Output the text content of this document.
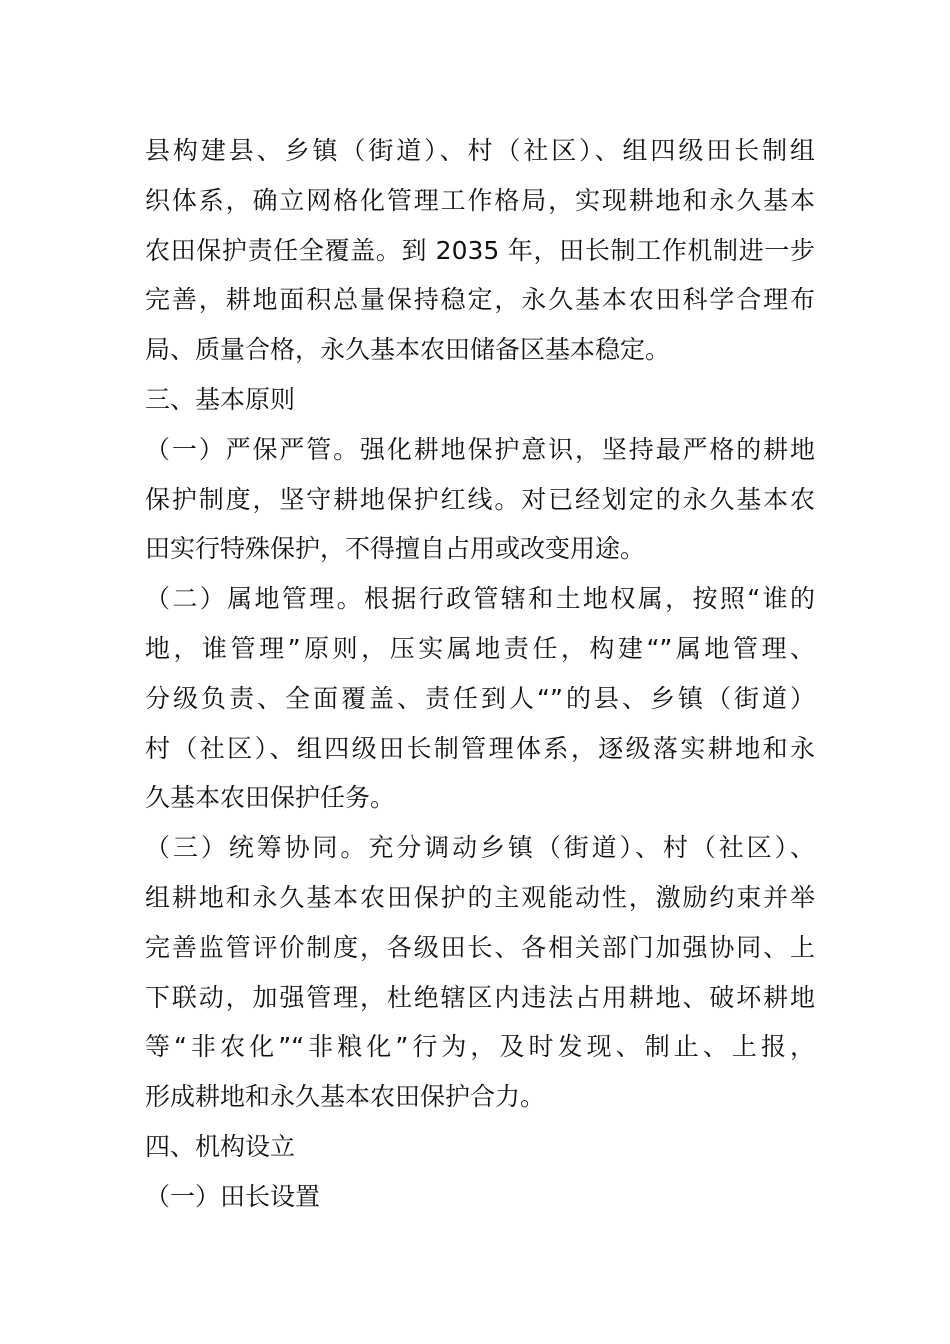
县构建县、乡镇（街道）、村（社区）、组四级田长制组
织体系，确立网格化管理工作格局，实现耕地和永久基本
农田保护责任全覆盖。到 2035 年，田长制工作机制进一步
完善，耕地面积总量保持稳定，永久基本农田科学合理布
局、质量合格，永久基本农田储备区基本稳定。
三、基本原则
（一）严保严管。强化耕地保护意识，坚持最严格的耕地
保护制度，坚守耕地保护红线。对已经划定的永久基本农
田实行特殊保护，不得擅自占用或改变用途。
（二）属地管理。根据行政管辖和土地权属，按照“谁的
地，谁管理”原则，压实属地责任，构建“”属地管理、
分级负责、全面覆盖、责任到人“”的县、乡镇（街道）
村（社区）、组四级田长制管理体系，逐级落实耕地和永
久基本农田保护任务。
（三）统筹协同。充分调动乡镇（街道）、村（社区）、
组耕地和永久基本农田保护的主观能动性，激励约束并举
完善监管评价制度，各级田长、各相关部门加强协同、上
下联动，加强管理，杜绝辖区内违法占用耕地、破坏耕地
等“非农化”“非粮化”行为，及时发现、制止、上报，
形成耕地和永久基本农田保护合力。
四、机构设立
（一）田长设置
